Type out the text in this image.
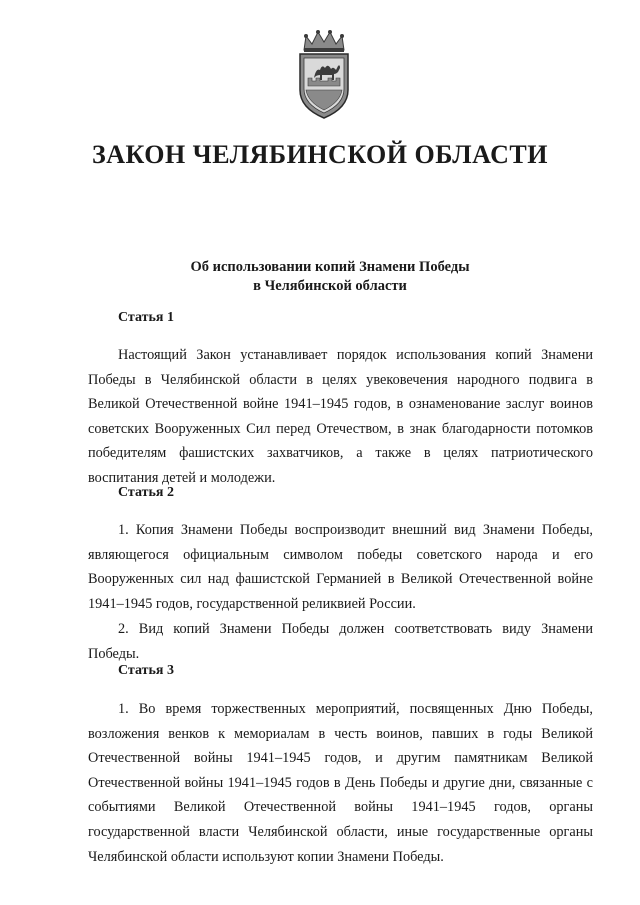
ЗАКОН ЧЕЛЯБИНСКОЙ ОБЛАСТИ
Об использовании копий Знамени Победы
в Челябинской области
Статья 1

Настоящий Закон устанавливает порядок использования копий Знамени Победы в Челябинской области в целях увековечения народного подвига в Великой Отечественной войне 1941–1945 годов, в ознаменование заслуг воинов советских Вооруженных Сил перед Отечеством, в знак благодарности потомков победителям фашистских захватчиков, а также в целях патриотического воспитания детей и молодежи.

Статья 2

1. Копия Знамени Победы воспроизводит внешний вид Знамени Победы, являющегося официальным символом победы советского народа и его Вооруженных сил над фашистской Германией в Великой Отечественной войне 1941–1945 годов, государственной реликвией России.

2. Вид копий Знамени Победы должен соответствовать виду Знамени Победы.

Статья 3

1. Во время торжественных мероприятий, посвященных Дню Победы, возложения венков к мемориалам в честь воинов, павших в годы Великой Отечественной войны 1941–1945 годов, и другим памятникам Великой Отечественной войны 1941–1945 годов в День Победы и другие дни, связанные с событиями Великой Отечественной войны 1941–1945 годов, органы государственной власти Челябинской области, иные государственные органы Челябинской области используют копии Знамени Победы.
